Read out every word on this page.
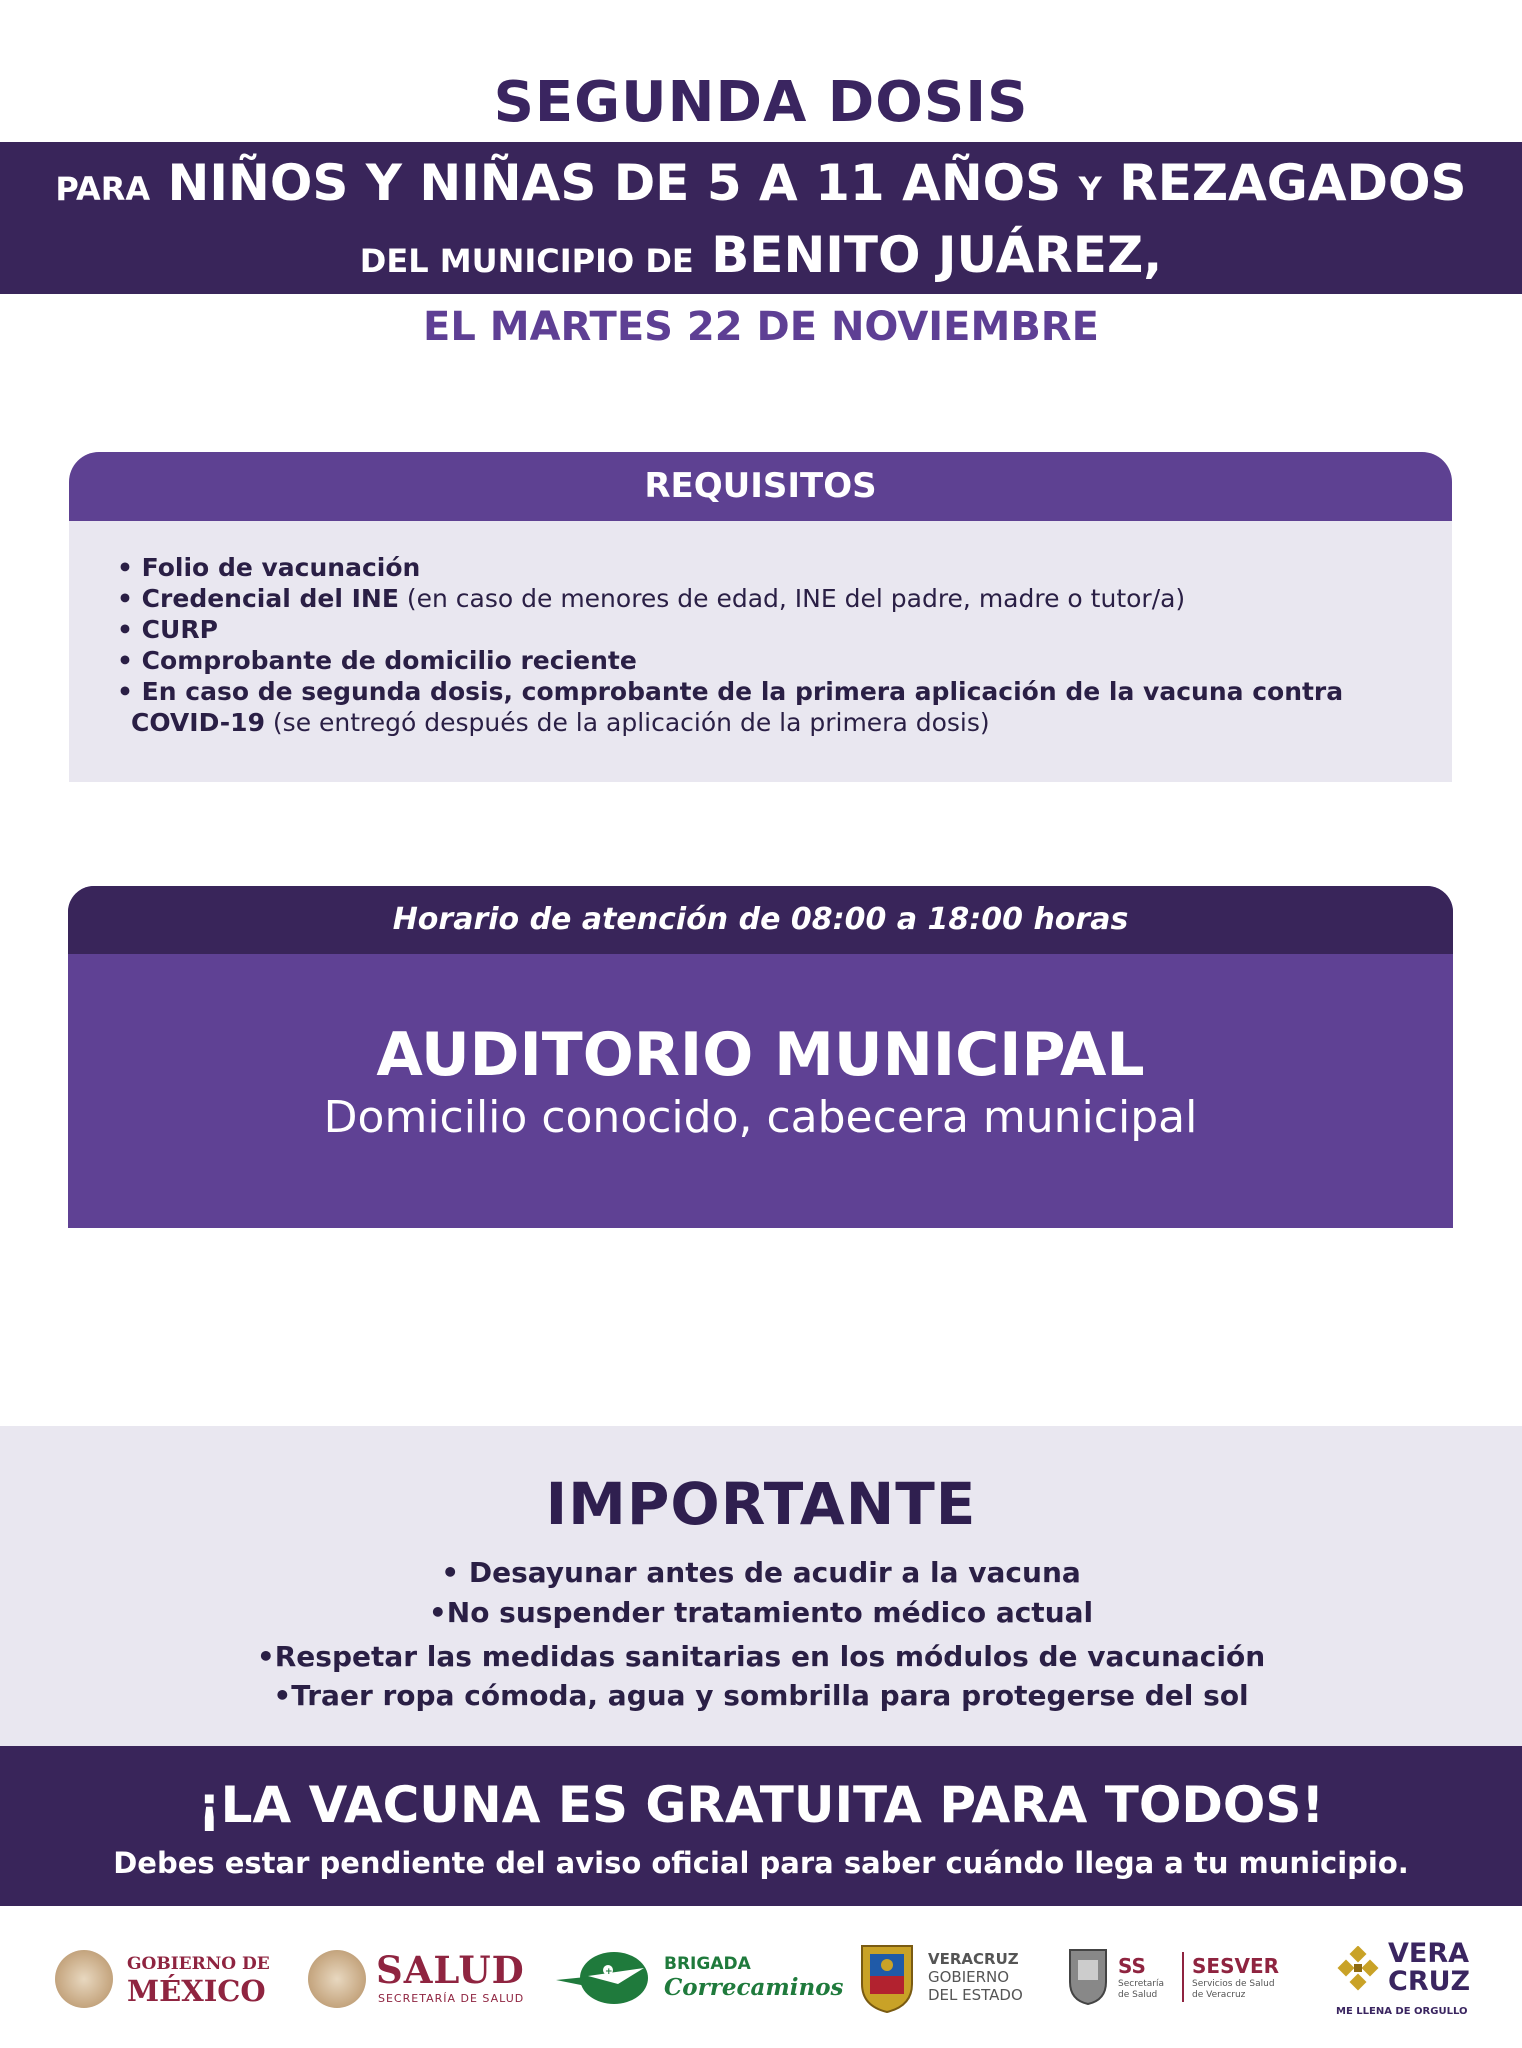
SEGUNDA DOSIS
PARA NIÑOS Y NIÑAS DE 5 A 11 AÑOS Y REZAGADOS
DEL MUNICIPIO DE BENITO JUÁREZ,
EL MARTES 22 DE NOVIEMBRE
REQUISITOS
• Folio de vacunación
• Credencial del INE (en caso de menores de edad, INE del padre, madre o tutor/a)
• CURP
• Comprobante de domicilio reciente
• En caso de segunda dosis, comprobante de la primera aplicación de la vacuna contra
COVID-19 (se entregó después de la aplicación de la primera dosis)
Horario de atención de 08:00 a 18:00 horas
AUDITORIO MUNICIPAL
Domicilio conocido, cabecera municipal
IMPORTANTE
• Desayunar antes de acudir a la vacuna
•No suspender tratamiento médico actual
•Respetar las medidas sanitarias en los módulos de vacunación
•Traer ropa cómoda, agua y sombrilla para protegerse del sol
¡LA VACUNA ES GRATUITA PARA TODOS!
Debes estar pendiente del aviso oficial para saber cuándo llega a tu municipio.
GOBIERNO DE
MÉXICO	SALUD
SECRETARÍA DE SALUD
+	BRIGADA
Correcaminos
VERACRUZ
GOBIERNO
DEL ESTADO
SS
Secretaría
de Salud
SESVER
Servicios de Salud
de Veracruz
VERA
CRUZ
ME LLENA DE ORGULLO
